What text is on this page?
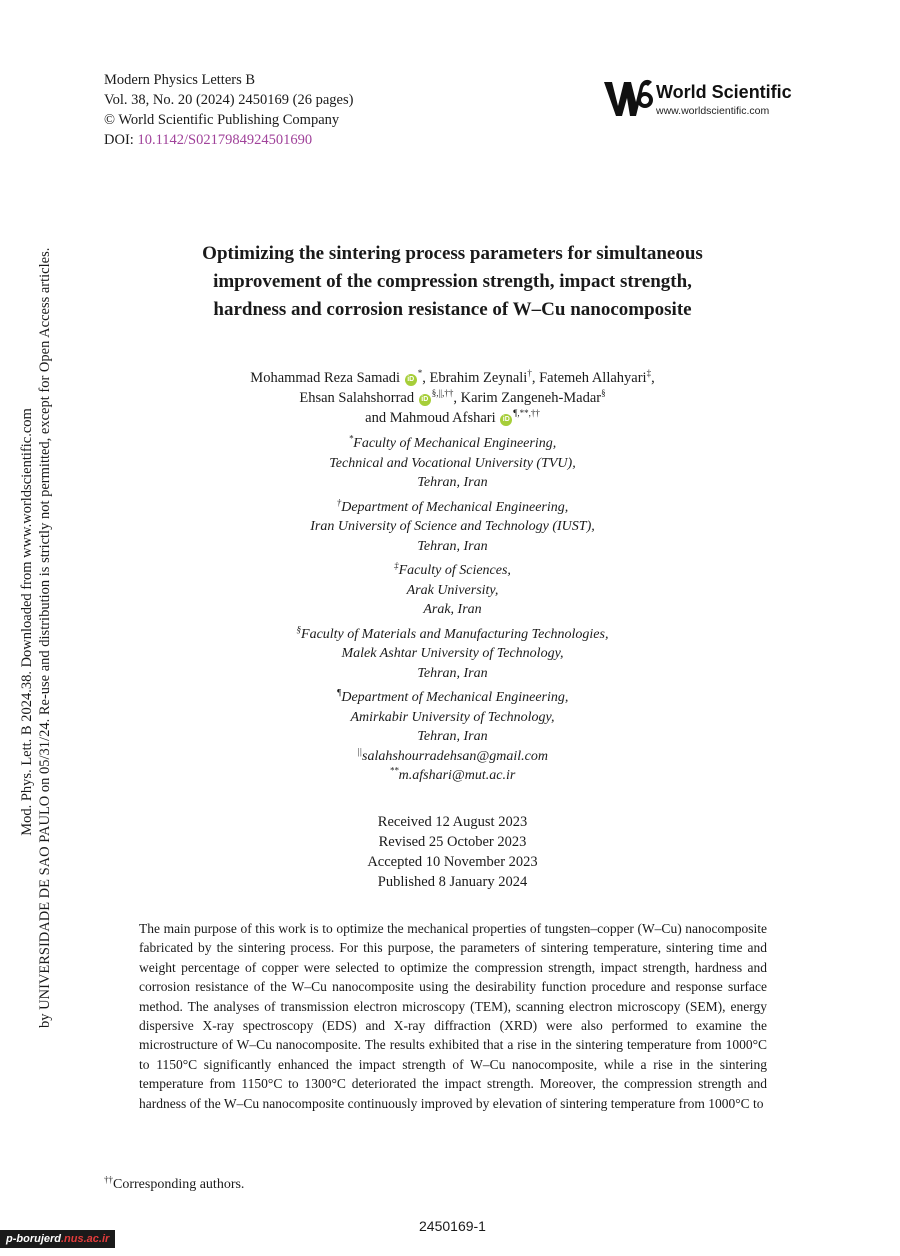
Modern Physics Letters B
Vol. 38, No. 20 (2024) 2450169 (26 pages)
© World Scientific Publishing Company
DOI: 10.1142/S0217984924501690
World Scientific
www.worldscientific.com
Mod. Phys. Lett. B 2024.38. Downloaded from www.worldscientific.com by UNIVERSIDADE DE SAO PAULO on 05/31/24. Re-use and distribution is strictly not permitted, except for Open Access articles.	Optimizing the sintering process parameters for simultaneous
improvement of the compression strength, impact strength,
hardness and corrosion resistance of W–Cu nanocomposite
Mohammad Reza Samadi iD*, Ebrahim Zeynali†, Fatemeh Allahyari‡,
Ehsan Salahshorrad iD§,||,††, Karim Zangeneh-Madar§
and Mahmoud Afshari iD¶,**,††
*Faculty of Mechanical Engineering,
Technical and Vocational University (TVU),
Tehran, Iran
†Department of Mechanical Engineering,
Iran University of Science and Technology (IUST),
Tehran, Iran
‡Faculty of Sciences,
Arak University,
Arak, Iran
§Faculty of Materials and Manufacturing Technologies,
Malek Ashtar University of Technology,
Tehran, Iran
¶Department of Mechanical Engineering,
Amirkabir University of Technology,
Tehran, Iran
||salahshourradehsan@gmail.com
**m.afshari@mut.ac.ir
Received 12 August 2023
Revised 25 October 2023
Accepted 10 November 2023
Published 8 January 2024
The main purpose of this work is to optimize the mechanical properties of tungsten–copper (W–Cu) nanocomposite fabricated by the sintering process. For this purpose, the parameters of sintering temperature, sintering time and weight percentage of copper were selected to optimize the compression strength, impact strength, hardness and corrosion resistance of the W–Cu nanocomposite using the desirability function procedure and response surface method. The analyses of transmission electron microscopy (TEM), scanning electron microscopy (SEM), energy dispersive X-ray spectroscopy (EDS) and X-ray diffraction (XRD) were also performed to examine the microstructure of W–Cu nanocomposite. The results exhibited that a rise in the sintering temperature from 1000°C to 1150°C significantly enhanced the impact strength of W–Cu nanocomposite, while a rise in the sintering temperature from 1150°C to 1300°C deteriorated the impact strength. Moreover, the compression strength and hardness of the W–Cu nanocomposite continuously improved by elevation of sintering temperature from 1000°C to
††Corresponding authors.
2450169-1
p-borujerd.nus.ac.ir
